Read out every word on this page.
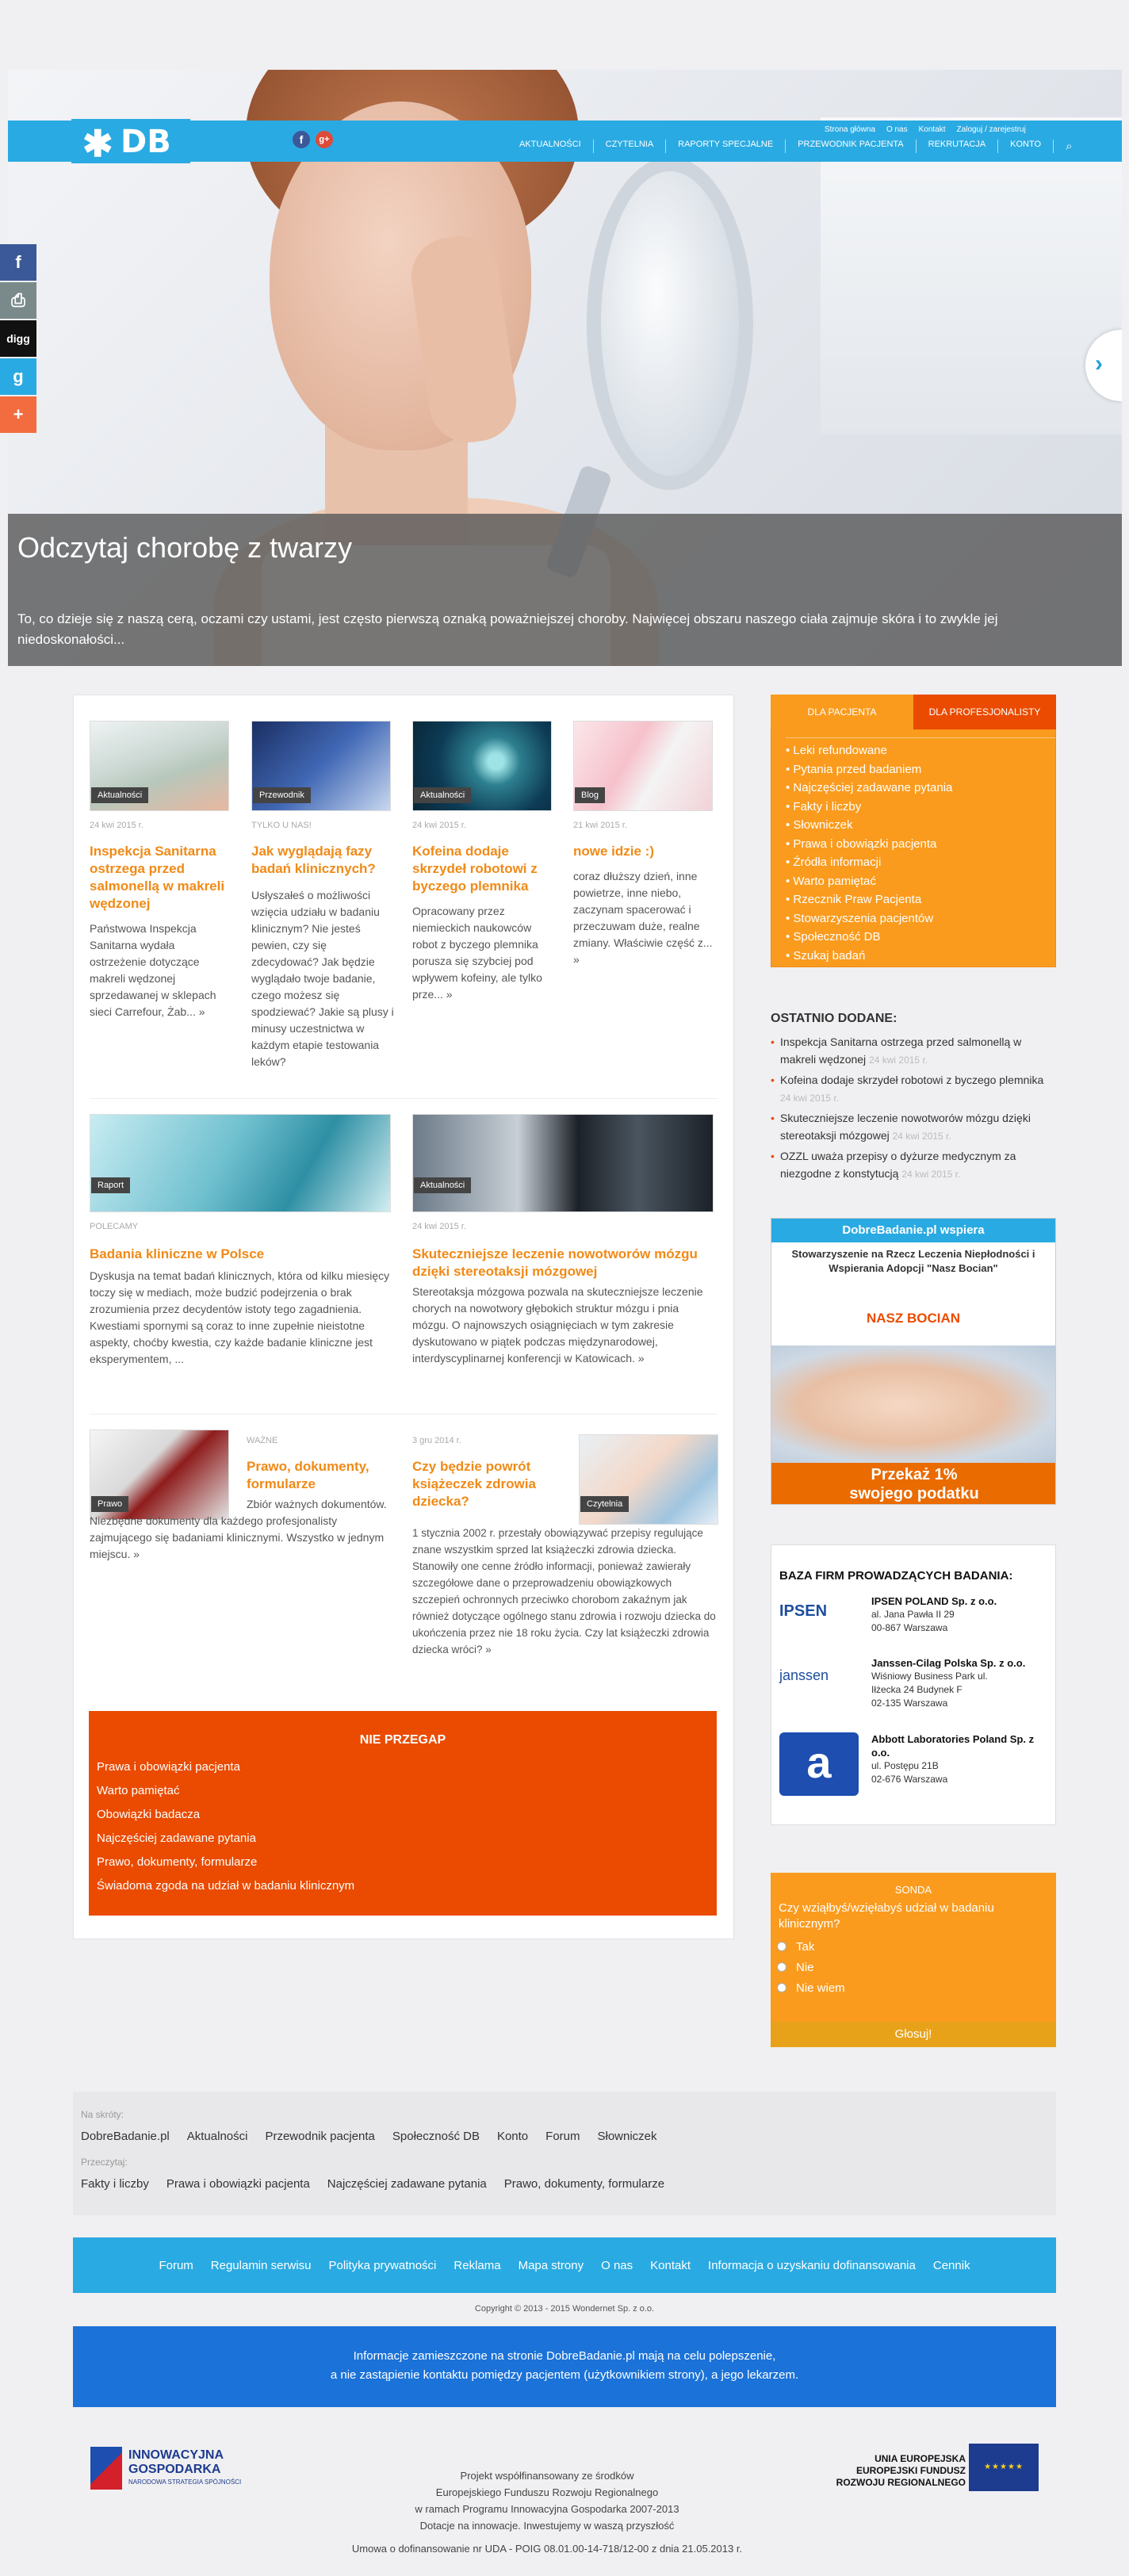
Odczytaj chorobę z twarzy

To, co dzieje się z naszą cerą, oczami czy ustami, jest często pierwszą oznaką poważniejszej choroby. Najwięcej obszaru naszego ciała zajmuje skóra i to zwykle jej niedoskonałości...

›
✱ DB	f	g+
Strona główna O nas Kontakt Zaloguj / zarejestruj
AKTUALNOŚCI	CZYTELNIA	RAPORTY SPECJALNE	PRZEWODNIK PACJENTA	REKRUTACJA	KONTO	⌕
f
⎙
digg
g
+
Aktualności
24 kwi 2015 r.
Inspekcja Sanitarna ostrzega przed salmonellą w makreli wędzonej
Państwowa Inspekcja Sanitarna wydała ostrzeżenie dotyczące makreli wędzonej sprzedawanej w sklepach sieci Carrefour, Żab... »
Przewodnik
TYLKO U NAS!
Jak wyglądają fazy badań klinicznych?
Usłyszałeś o możliwości wzięcia udziału w badaniu klinicznym? Nie jesteś pewien, czy się zdecydować? Jak będzie wyglądało twoje badanie, czego możesz się spodziewać? Jakie są plusy i minusy uczestnictwa w każdym etapie testowania leków?
Aktualności
24 kwi 2015 r.
Kofeina dodaje skrzydeł robotowi z byczego plemnika
Opracowany przez niemieckich naukowców robot z byczego plemnika porusza się szybciej pod wpływem kofeiny, ale tylko prze... »
Blog
21 kwi 2015 r.
nowe idzie :)
coraz dłuższy dzień, inne powietrze, inne niebo, zaczynam spacerować i przeczuwam duże, realne zmiany. Właściwie część z... »
Raport
POLECAMY
Badania kliniczne w Polsce
Dyskusja na temat badań klinicznych, która od kilku miesięcy toczy się w mediach, może budzić podejrzenia o brak zrozumienia przez decydentów istoty tego zagadnienia. Kwestiami spornymi są coraz to inne zupełnie nieistotne aspekty, choćby kwestia, czy każde badanie kliniczne jest eksperymentem, ...
Aktualności
24 kwi 2015 r.
Skuteczniejsze leczenie nowotworów mózgu dzięki stereotaksji mózgowej
Stereotaksja mózgowa pozwala na skuteczniejsze leczenie chorych na nowotwory głębokich struktur mózgu i pnia mózgu. O najnowszych osiągnięciach w tym zakresie dyskutowano w piątek podczas międzynarodowej, interdyscyplinarnej konferencji w Katowicach. »
Prawo
WAŻNE
Prawo, dokumenty, formularze
Zbiór ważnych dokumentów. Niezbędne dokumenty dla każdego profesjonalisty zajmującego się badaniami klinicznymi. Wszystko w jednym miejscu. »
Czytelnia
3 gru 2014 r.
Czy będzie powrót książeczek zdrowia dziecka?
1 stycznia 2002 r. przestały obowiązywać przepisy regulujące znane wszystkim sprzed lat książeczki zdrowia dziecka. Stanowiły one cenne źródło informacji, ponieważ zawierały szczegółowe dane o przeprowadzeniu obowiązkowych szczepień ochronnych przeciwko chorobom zakaźnym jak również dotyczące ogólnego stanu zdrowia i rozwoju dziecka do ukończenia przez nie 18 roku życia. Czy lat książeczki zdrowia dziecka wróci? »
NIE PRZEGAP
Prawa i obowiązki pacjenta
Warto pamiętać
Obowiązki badacza
Najczęściej zadawane pytania
Prawo, dokumenty, formularze
Świadoma zgoda na udział w badaniu klinicznym
DLA PACJENTA	DLA PROFESJONALISTY
• Leki refundowane
• Pytania przed badaniem
• Najczęściej zadawane pytania
• Fakty i liczby
• Słowniczek
• Prawa i obowiązki pacjenta
• Źródła informacji
• Warto pamiętać
• Rzecznik Praw Pacjenta
• Stowarzyszenia pacjentów
• Społeczność DB
• Szukaj badań
OSTATNIO DODANE:
• Inspekcja Sanitarna ostrzega przed salmonellą w makreli wędzonej 24 kwi 2015 r.
• Kofeina dodaje skrzydeł robotowi z byczego plemnika 24 kwi 2015 r.
• Skuteczniejsze leczenie nowotworów mózgu dzięki stereotaksji mózgowej 24 kwi 2015 r.
• OZZL uważa przepisy o dyżurze medycznym za niezgodne z konstytucją 24 kwi 2015 r.
DobreBadanie.pl wspiera
Stowarzyszenie na Rzecz Leczenia Niepłodności i Wspierania Adopcji "Nasz Bocian"
NASZ BOCIAN
Przekaż 1%
swojego podatku
BAZA FIRM PROWADZĄCYCH BADANIA:
IPSEN
IPSEN POLAND Sp. z o.o.
al. Jana Pawła II 29
00-867 Warszawa
janssen
Janssen-Cilag Polska Sp. z o.o.
Wiśniowy Business Park ul.
Iłżecka 24 Budynek F
02-135 Warszawa
a	Abbott Laboratories Poland Sp. z o.o.
ul. Postępu 21B
02-676 Warszawa
SONDA
Czy wziąłbyś/wzięłabyś udział w badaniu klinicznym?
Tak
Nie
Nie wiem
Głosuj!
Na skróty:
DobreBadanie.pl Aktualności Przewodnik pacjenta Społeczność DB Konto Forum Słowniczek
Przeczytaj:
Fakty i liczby Prawa i obowiązki pacjenta Najczęściej zadawane pytania Prawo, dokumenty, formularze
Forum Regulamin serwisu Polityka prywatności Reklama Mapa strony O nas Kontakt Informacja o uzyskaniu dofinansowania Cennik
Copyright © 2013 - 2015 Wondernet Sp. z o.o.
Informacje zamieszczone na stronie DobreBadanie.pl mają na celu polepszenie,
a nie zastąpienie kontaktu pomiędzy pacjentem (użytkownikiem strony), a jego lekarzem.
INNOWACYJNA
GOSPODARKA
NARODOWA STRATEGIA SPÓJNOŚCI
Projekt współfinansowany ze środków
Europejskiego Funduszu Rozwoju Regionalnego
w ramach Programu Innowacyjna Gospodarka 2007-2013
Dotacje na innowacje. Inwestujemy w waszą przyszłość
UNIA EUROPEJSKA
EUROPEJSKI FUNDUSZ
ROZWOJU REGIONALNEGO
★★★★★
Umowa o dofinansowanie nr UDA - POIG 08.01.00-14-718/12-00 z dnia 21.05.2013 r.
